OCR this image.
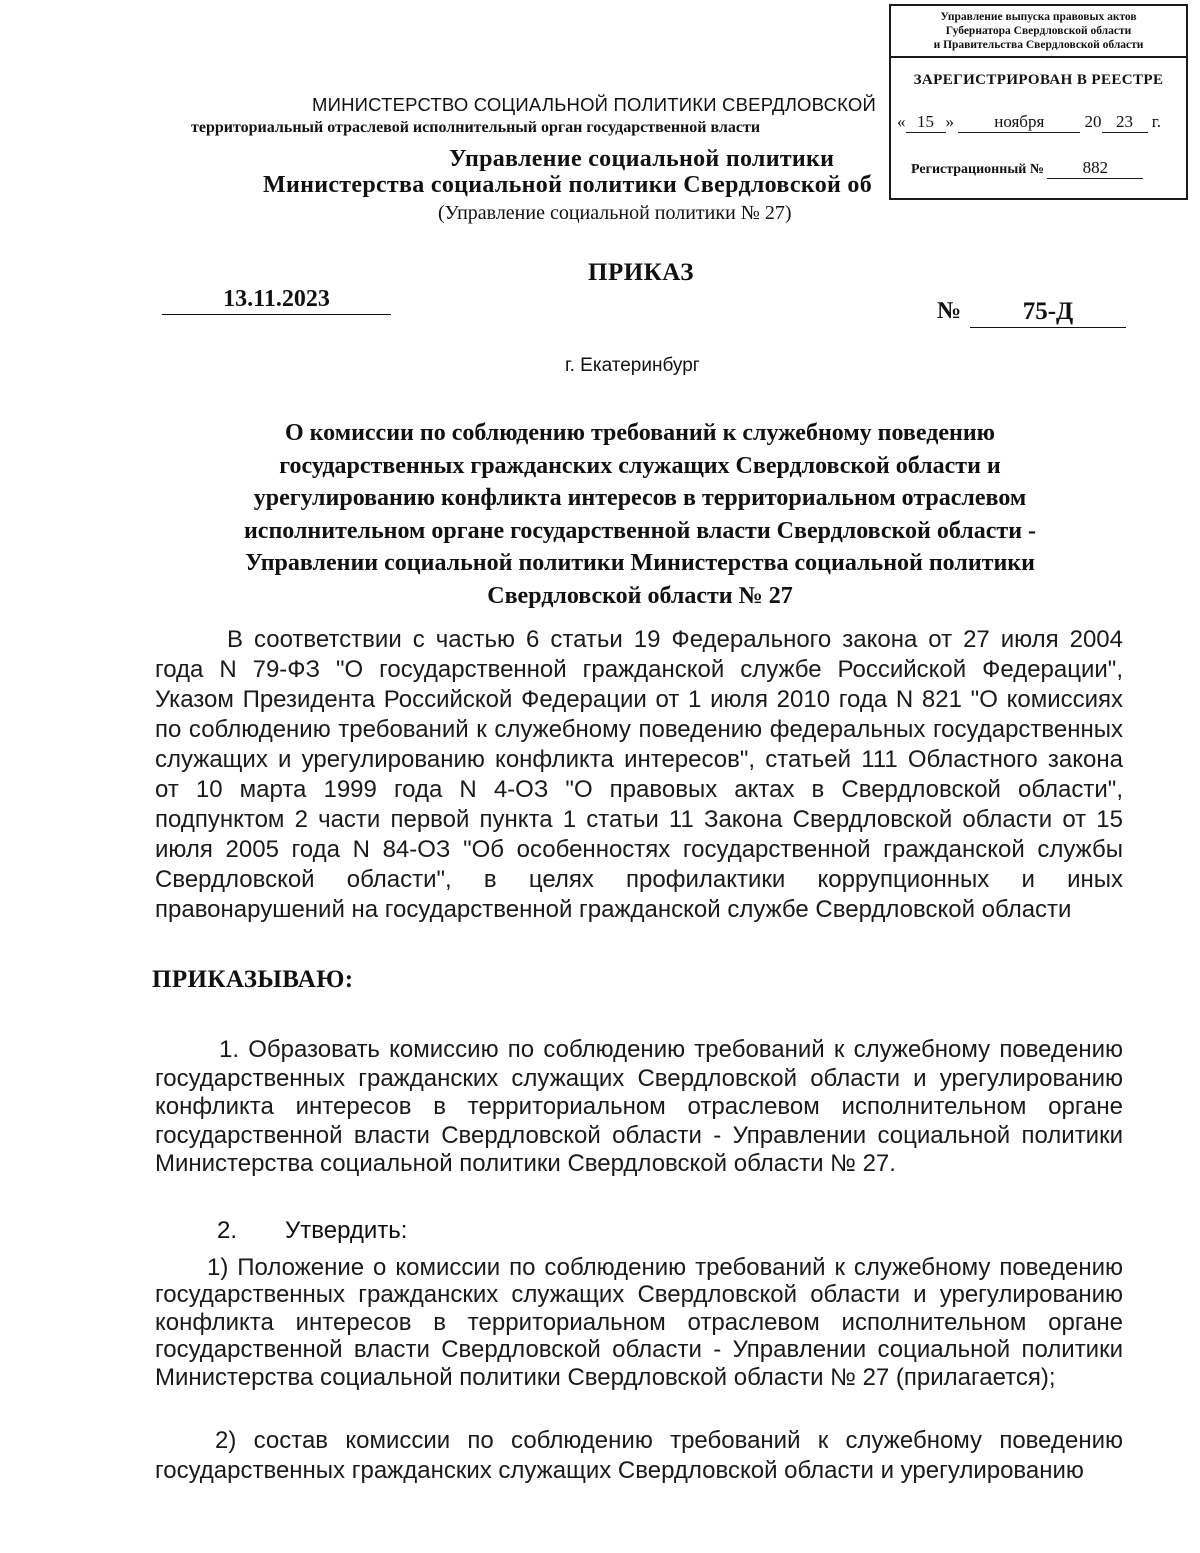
Управление выпуска правовых актов
Губернатора Свердловской области
и Правительства Свердловской области
ЗАРЕГИСТРИРОВАН В РЕЕСТРЕ
« 15 » ноября 20 23 г.
Регистрационный № 882
МИНИСТЕРСТВО СОЦИАЛЬНОЙ ПОЛИТИКИ СВЕРДЛОВСКОЙ
территориальный отраслевой исполнительный орган государственной власти
Управление социальной политики
Министерства социальной политики Свердловской об
(Управление социальной политики № 27)
ПРИКАЗ
13.11.2023	№	75-Д
г. Екатеринбург
О комиссии по соблюдению требований к служебному поведению
государственных гражданских служащих Свердловской области и
урегулированию конфликта интересов в территориальном отраслевом
исполнительном органе государственной власти Свердловской области -
Управлении социальной политики Министерства социальной политики
Свердловской области № 27
В соответствии с частью 6 статьи 19 Федерального закона от 27 июля 2004 года N 79-ФЗ "О государственной гражданской службе Российской Федерации", Указом Президента Российской Федерации от 1 июля 2010 года N 821 "О комиссиях по соблюдению требований к служебному поведению федеральных государственных служащих и урегулированию конфликта интересов", статьей 111 Областного закона от 10 марта 1999 года N 4-ОЗ "О правовых актах в Свердловской области", подпунктом 2 части первой пункта 1 статьи 11 Закона Свердловской области от 15 июля 2005 года N 84-ОЗ "Об особенностях государственной гражданской службы Свердловской области", в целях профилактики коррупционных и иных правонарушений на государственной гражданской службе Свердловской области
ПРИКАЗЫВАЮ:
1. Образовать комиссию по соблюдению требований к служебному поведению государственных гражданских служащих Свердловской области и урегулированию конфликта интересов в территориальном отраслевом исполнительном органе государственной власти Свердловской области - Управлении социальной политики Министерства социальной политики Свердловской области № 27.
2. Утвердить:
1) Положение о комиссии по соблюдению требований к служебному поведению государственных гражданских служащих Свердловской области и урегулированию конфликта интересов в территориальном отраслевом исполнительном органе государственной власти Свердловской области - Управлении социальной политики Министерства социальной политики Свердловской области № 27 (прилагается);
2) состав комиссии по соблюдению требований к служебному поведению государственных гражданских служащих Свердловской области и урегулированию
